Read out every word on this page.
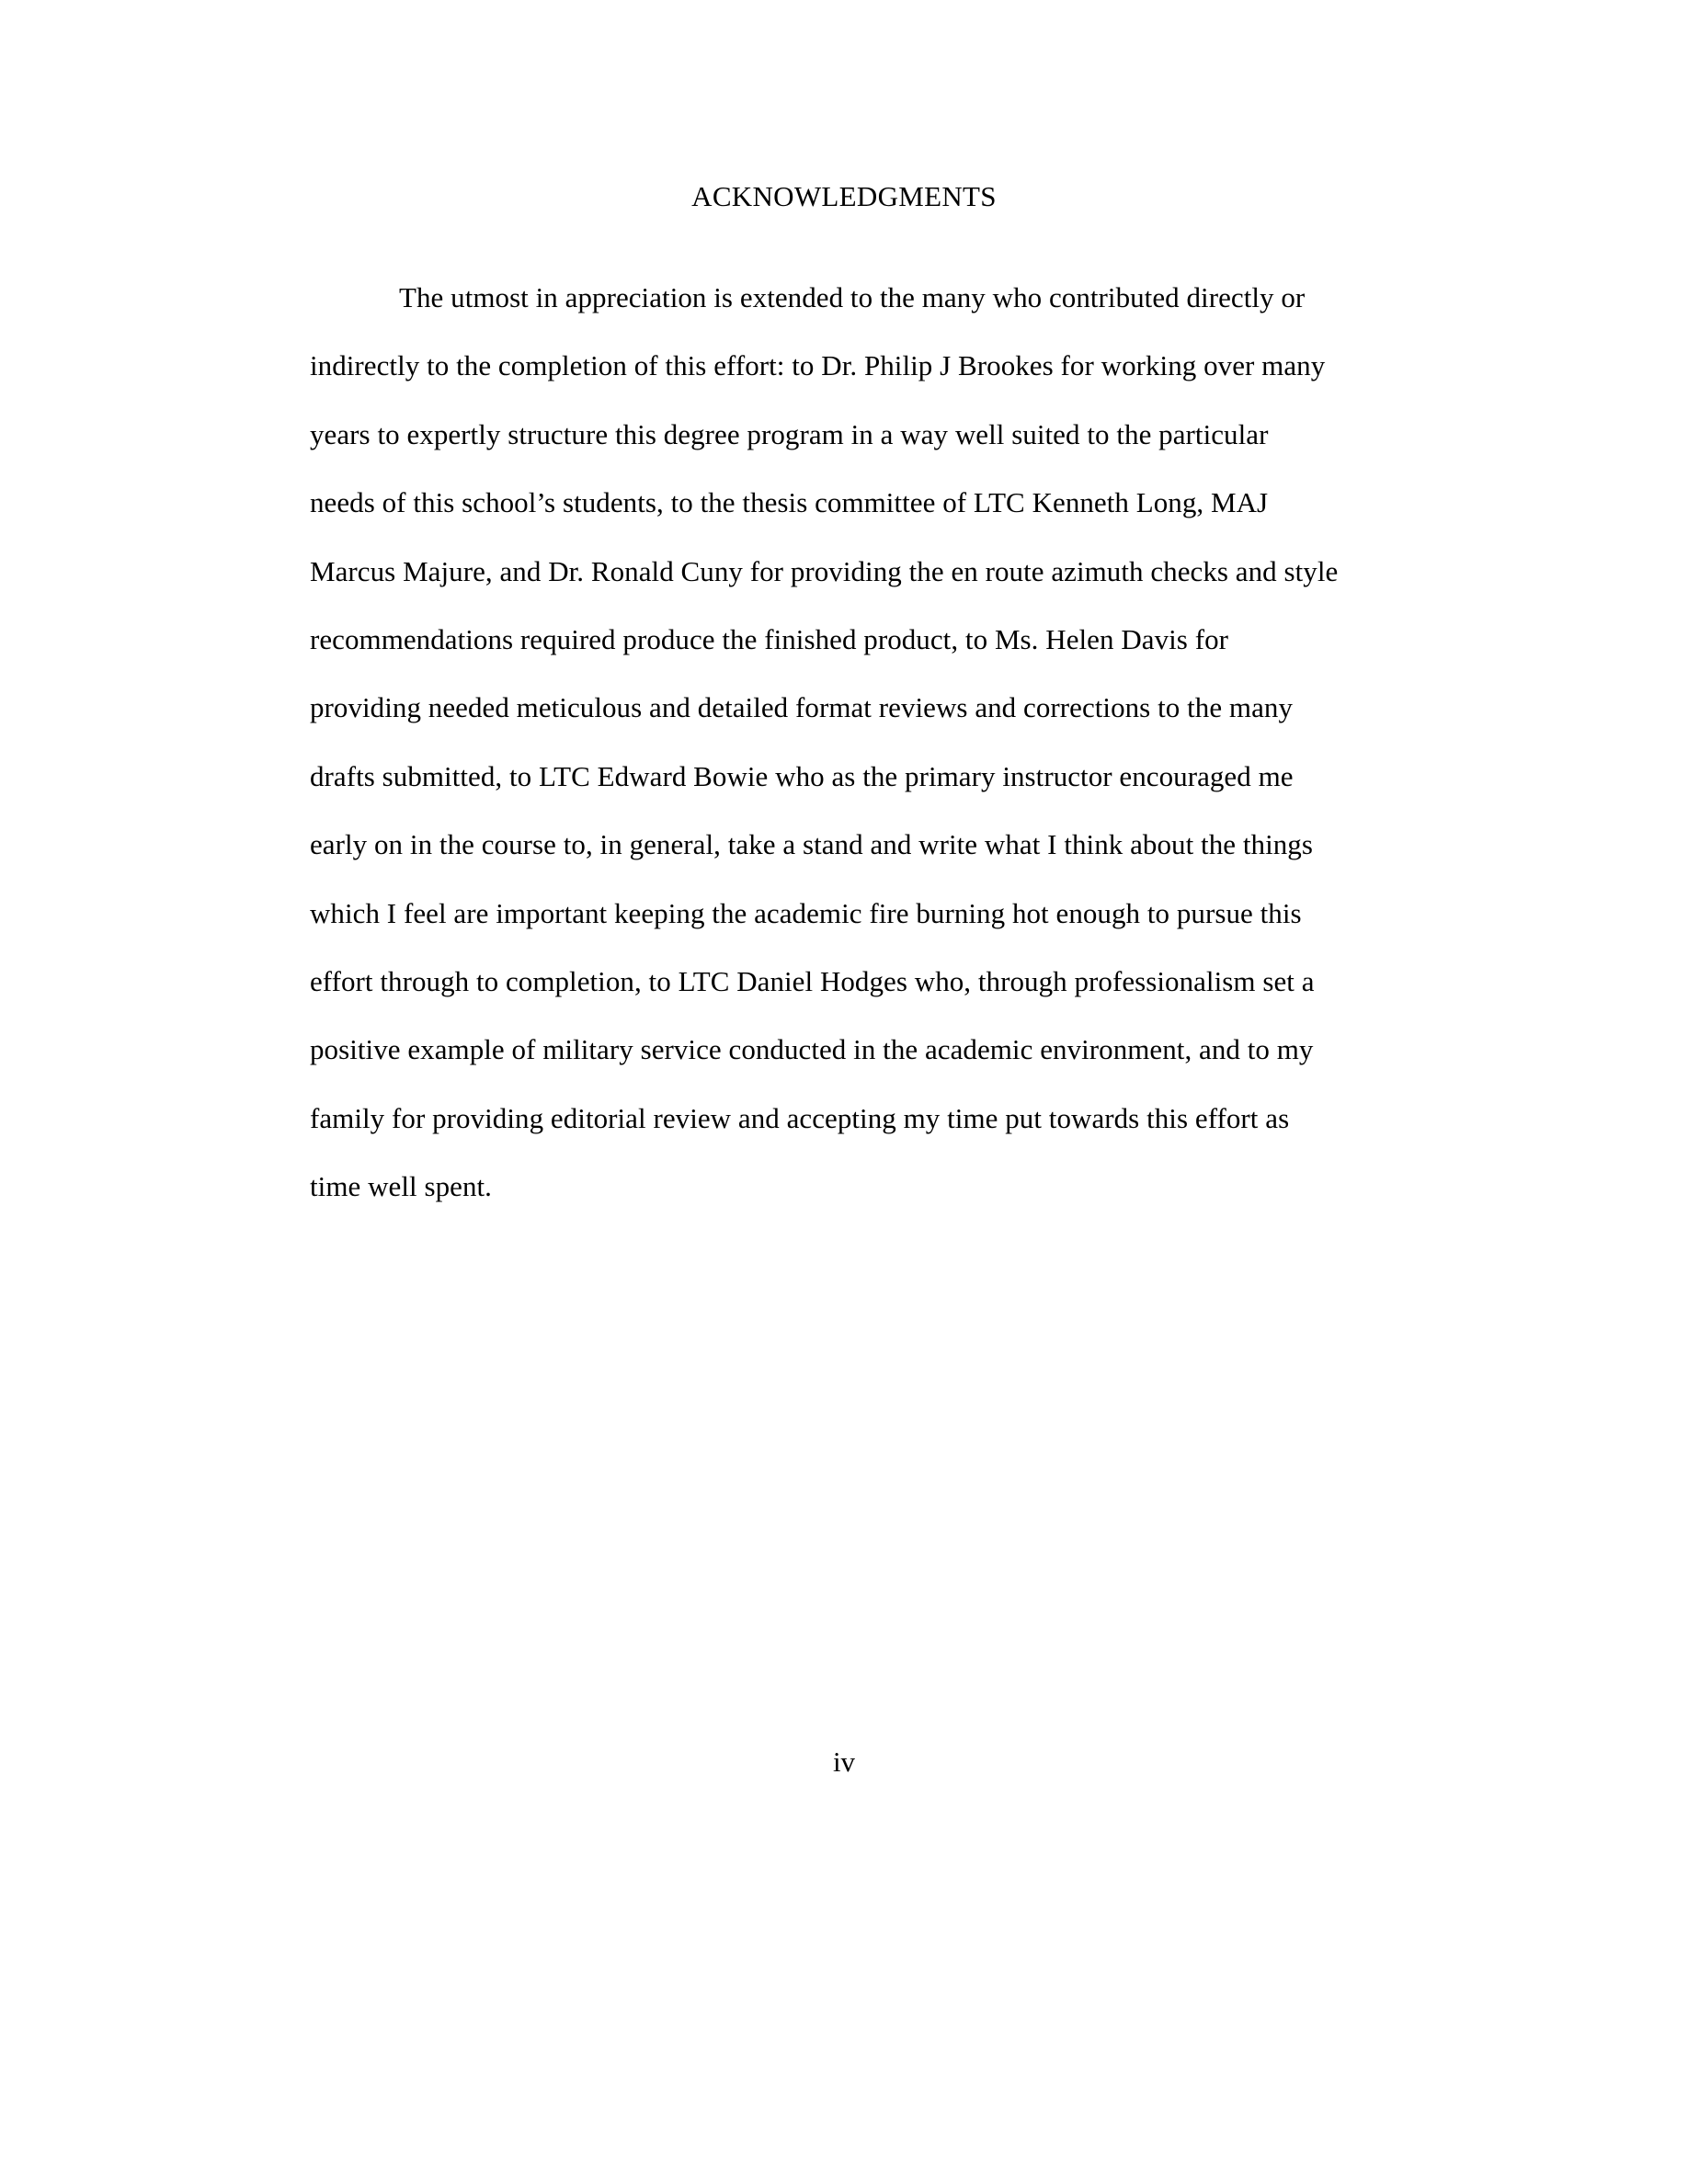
ACKNOWLEDGMENTS
The utmost in appreciation is extended to the many who contributed directly or
indirectly to the completion of this effort: to Dr. Philip J Brookes for working over many
years to expertly structure this degree program in a way well suited to the particular
needs of this school’s students, to the thesis committee of LTC Kenneth Long, MAJ
Marcus Majure, and Dr. Ronald Cuny for providing the en route azimuth checks and style
recommendations required produce the finished product, to Ms. Helen Davis for
providing needed meticulous and detailed format reviews and corrections to the many
drafts submitted, to LTC Edward Bowie who as the primary instructor encouraged me
early on in the course to, in general, take a stand and write what I think about the things
which I feel are important keeping the academic fire burning hot enough to pursue this
effort through to completion, to LTC Daniel Hodges who, through professionalism set a
positive example of military service conducted in the academic environment, and to my
family for providing editorial review and accepting my time put towards this effort as
time well spent.
iv
